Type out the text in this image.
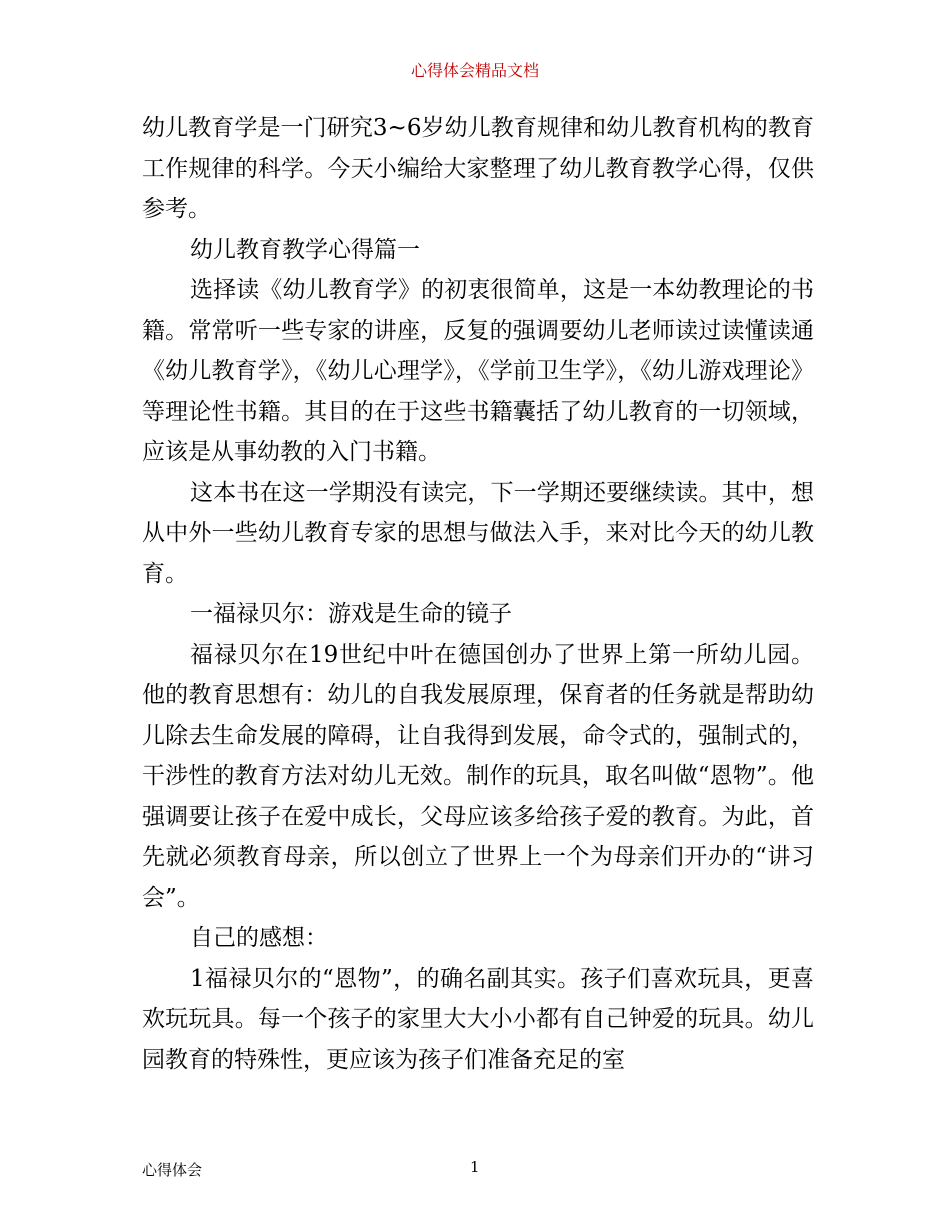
心得体会精品文档

幼儿教育学是一门研究3~6岁幼儿教育规律和幼儿教育机构的教育工作规律的科学。今天小编给大家整理了幼儿教育教学心得，仅供参考。

幼儿教育教学心得篇一

选择读《幼儿教育学》的初衷很简单，这是一本幼教理论的书籍。常常听一些专家的讲座，反复的强调要幼儿老师读过读懂读通《幼儿教育学》，《幼儿心理学》，《学前卫生学》，《幼儿游戏理论》等理论性书籍。其目的在于这些书籍囊括了幼儿教育的一切领域，应该是从事幼教的入门书籍。

这本书在这一学期没有读完，下一学期还要继续读。其中，想从中外一些幼儿教育专家的思想与做法入手，来对比今天的幼儿教育。

一福禄贝尔：游戏是生命的镜子

福禄贝尔在19世纪中叶在德国创办了世界上第一所幼儿园。他的教育思想有：幼儿的自我发展原理，保育者的任务就是帮助幼儿除去生命发展的障碍，让自我得到发展，命令式的，强制式的，干涉性的教育方法对幼儿无效。制作的玩具，取名叫做“恩物”。他强调要让孩子在爱中成长，父母应该多给孩子爱的教育。为此，首先就必须教育母亲，所以创立了世界上一个为母亲们开办的“讲习会”。

自己的感想：

1福禄贝尔的“恩物”，的确名副其实。孩子们喜欢玩具，更喜欢玩玩具。每一个孩子的家里大大小小都有自己钟爱的玩具。幼儿园教育的特殊性，更应该为孩子们准备充足的室

心得体会	1
